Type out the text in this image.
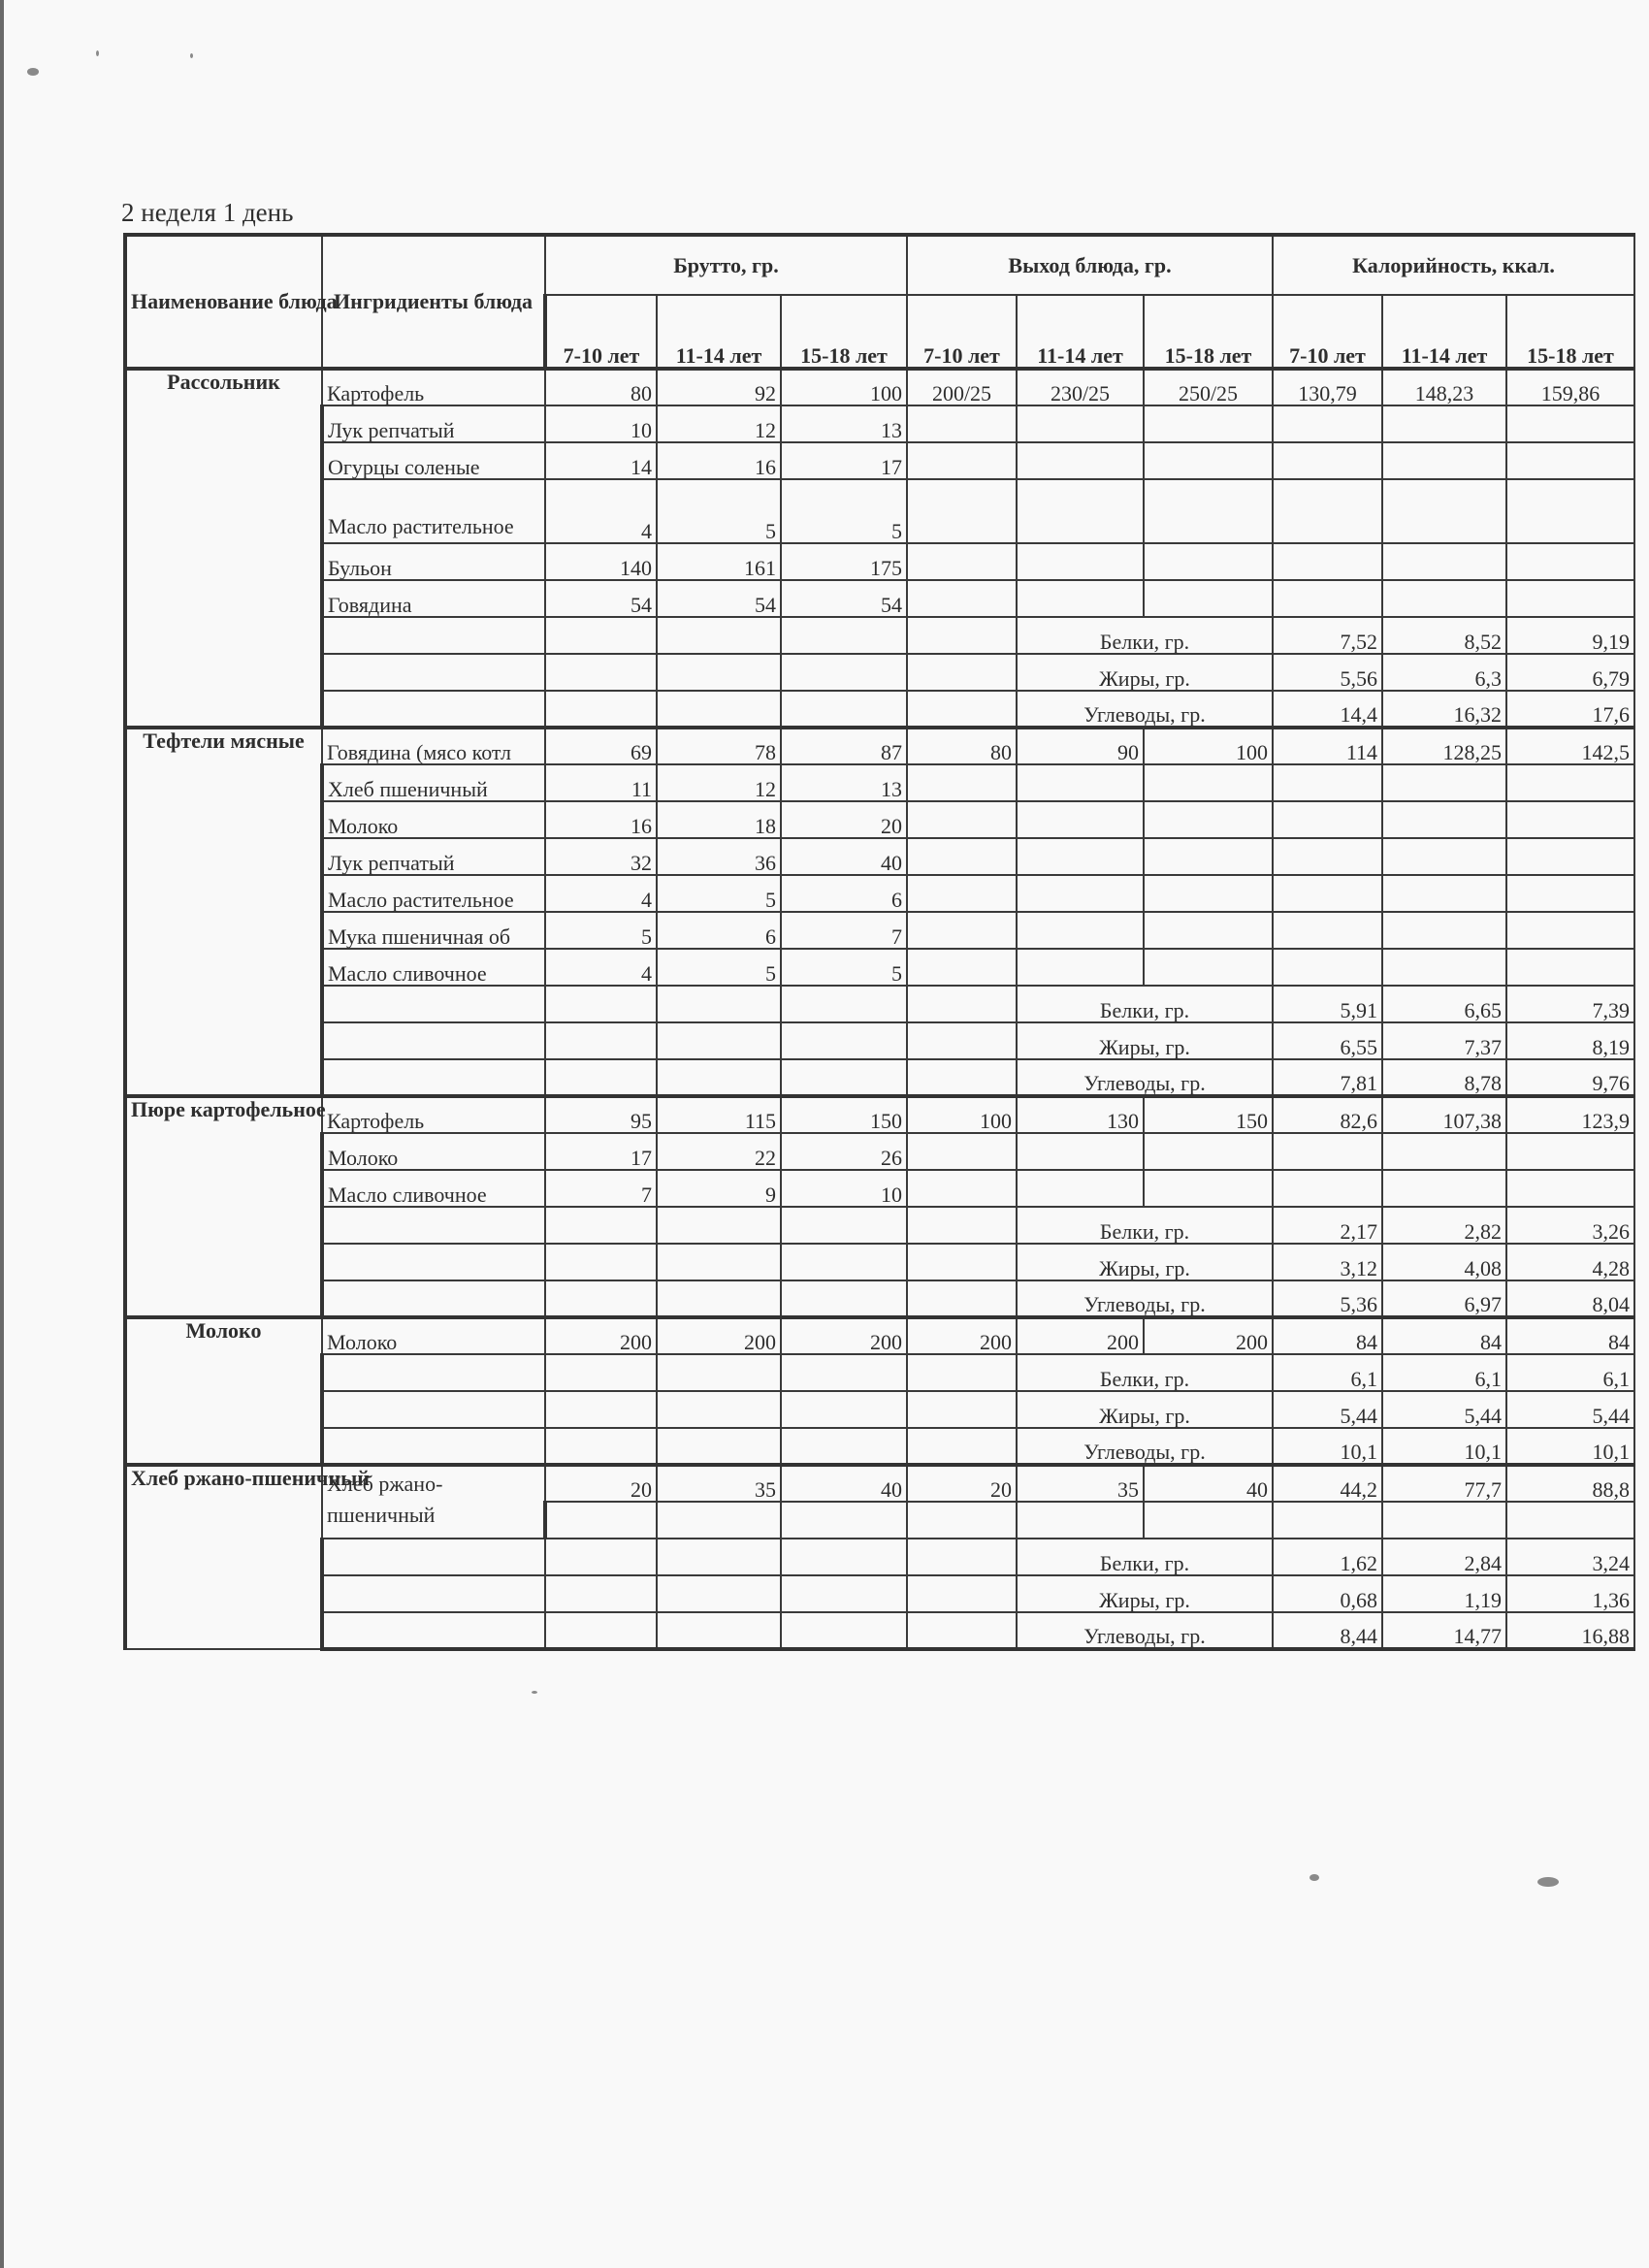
2 неделя 1 день
Наименование блюда	Ингридиенты блюда	Брутто, гр.			Выход блюда, гр.			Калорийность, ккал.		
		7-10 лет	11-14 лет	15-18 лет	7-10 лет	11-14 лет	15-18 лет	7-10 лет	11-14 лет	15-18 лет
Рассольник	Картофель	80	92	100	200/25	230/25	250/25	130,79	148,23	159,86
	Лук репчатый	10	12	13						
	Огурцы соленые	14	16	17						
	Масло растительное	4	5	5						
	Бульон	140	161	175						
	Говядина	54	54	54						
						Белки, гр.		7,52	8,52	9,19
						Жиры, гр.		5,56	6,3	6,79
						Углеводы, гр.		14,4	16,32	17,6
Тефтели мясные	Говядина (мясо котл	69	78	87	80	90	100	114	128,25	142,5
	Хлеб пшеничный	11	12	13						
	Молоко	16	18	20						
	Лук репчатый	32	36	40						
	Масло растительное	4	5	6						
	Мука пшеничная об	5	6	7						
	Масло сливочное	4	5	5						
						Белки, гр.		5,91	6,65	7,39
						Жиры, гр.		6,55	7,37	8,19
						Углеводы, гр.		7,81	8,78	9,76
Пюре картофельное	Картофель	95	115	150	100	130	150	82,6	107,38	123,9
	Молоко	17	22	26						
	Масло сливочное	7	9	10						
						Белки, гр.		2,17	2,82	3,26
						Жиры, гр.		3,12	4,08	4,28
						Углеводы, гр.		5,36	6,97	8,04
Молоко	Молоко	200	200	200	200	200	200	84	84	84
						Белки, гр.		6,1	6,1	6,1
						Жиры, гр.		5,44	5,44	5,44
						Углеводы, гр.		10,1	10,1	10,1
Хлеб ржано-пшеничный	Хлеб ржано-пшеничный	20	35	40	20	35	40	44,2	77,7	88,8

						Белки, гр.		1,62	2,84	3,24
						Жиры, гр.		0,68	1,19	1,36
						Углеводы, гр.		8,44	14,77	16,88
